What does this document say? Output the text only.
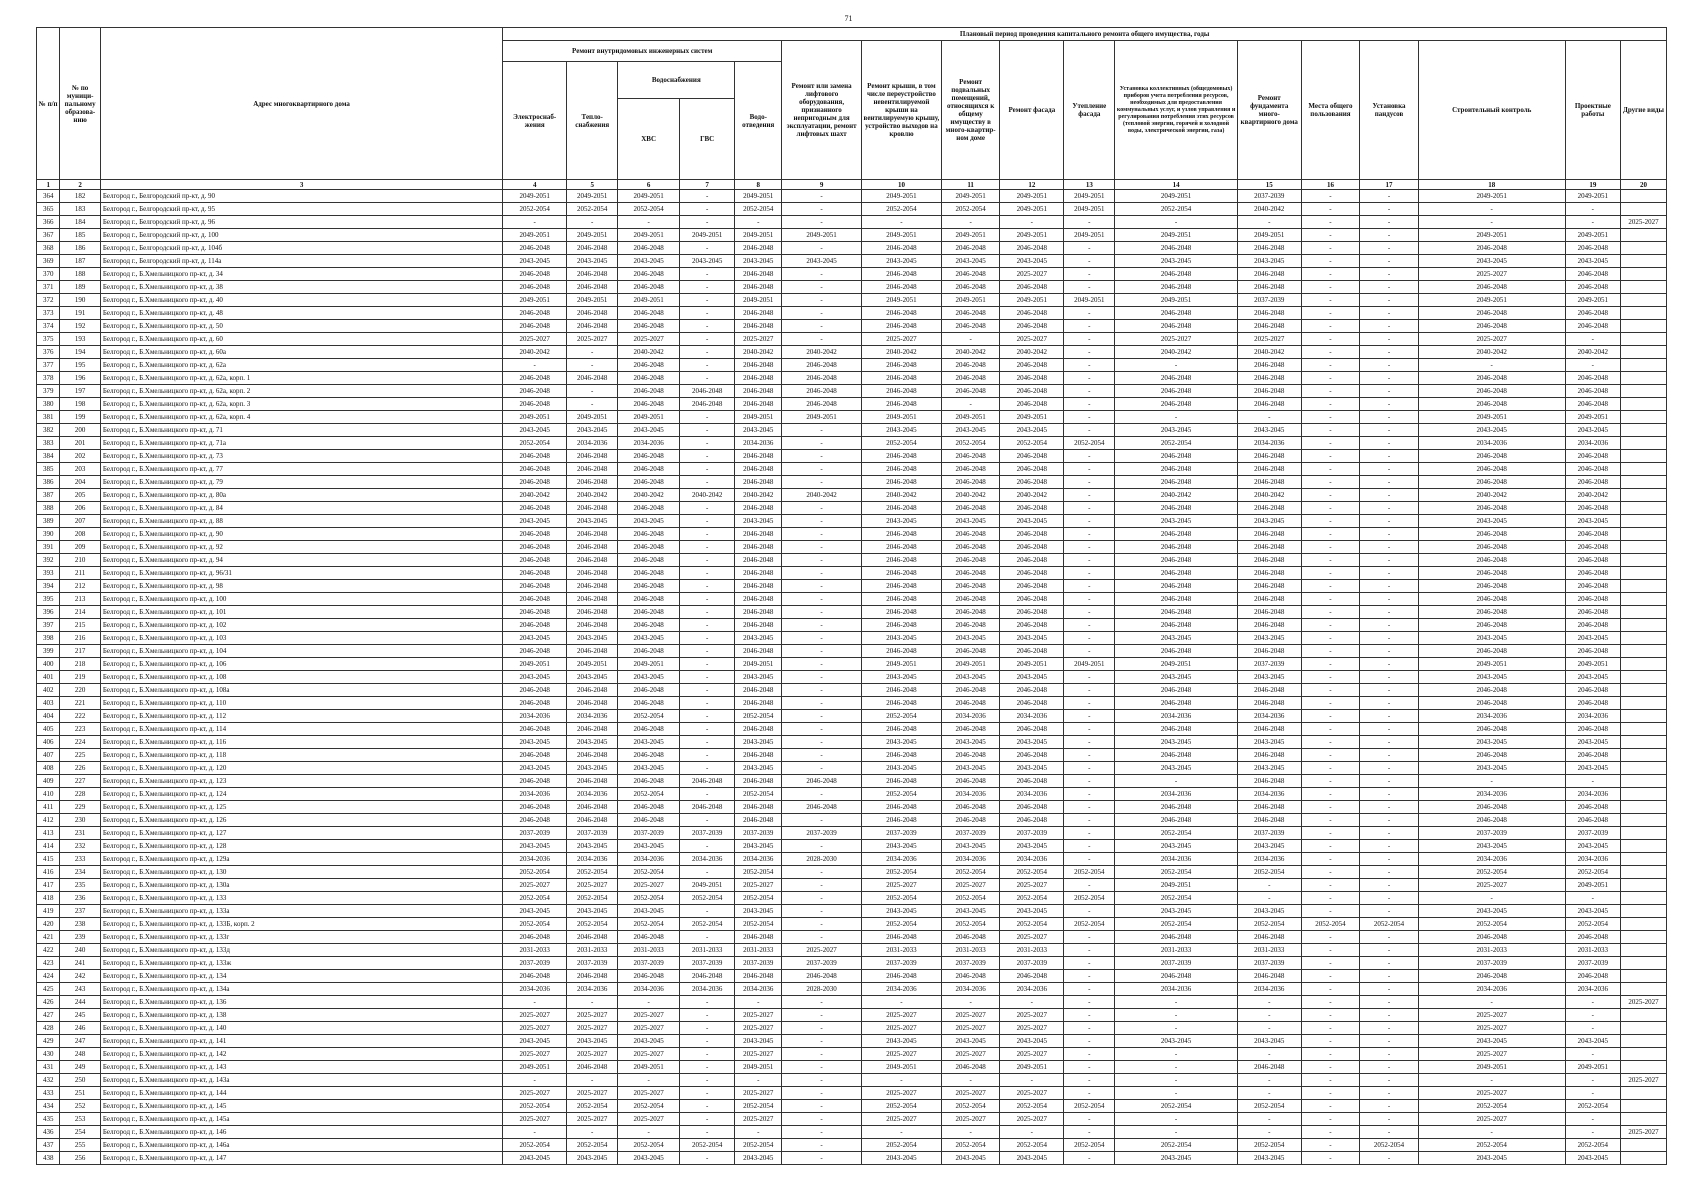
71
№ п/п	№ по муници-пальному образова-нию	Адрес многоквартирного дома	Плановый период проведения капитального ремонта общего имущества, годы																
			Ремонт внутридомовых инженерных систем					Ремонт или замена лифтового оборудования, признанного непригодным для эксплуатации, ремонт лифтовых шахт	Ремонт крыши, в том числе переустройство невентилируемой крыши на вентилируемую крышу, устройство выходов на кровлю	Ремонт подвальных помещений, относящихся к общему имуществу в много-квартир-ном доме	Ремонт фасада	Утепление фасада	Установка коллективных (общедомовых) приборов учета потребления ресурсов, необходимых для предоставления коммунальных услуг, и узлов управления и регулирования потребления этих ресурсов (тепловой энергии, горячей и холодной воды, электрической энергии, газа)	Ремонт фундамента много-квартирного дома	Места общего пользования	Установка пандусов	Строительный контроль	Проектные работы	Другие виды
			Электроснаб-жения	Тепло-снабжения	Водоснабжения		Водо-отведения												
					ХВС	ГВС													
1	2	3	4	5	6	7	8	9	10	11	12	13	14	15	16	17	18	19	20
364	182	Белгород г., Белгородский пр-кт, д. 90	2049-2051	2049-2051	2049-2051	-	2049-2051	-	2049-2051	2049-2051	2049-2051	2049-2051	2049-2051	2037-2039	-	-	2049-2051	2049-2051	
365	183	Белгород г., Белгородский пр-кт, д. 95	2052-2054	2052-2054	2052-2054	-	2052-2054	-	2052-2054	2052-2054	2049-2051	2049-2051	2052-2054	2040-2042	-	-	-	-	
366	184	Белгород г., Белгородский пр-кт, д. 96	-	-	-	-	-	-	-	-	-	-	-	-	-	-	-	-	2025-2027
367	185	Белгород г., Белгородский пр-кт, д. 100	2049-2051	2049-2051	2049-2051	2049-2051	2049-2051	2049-2051	2049-2051	2049-2051	2049-2051	2049-2051	2049-2051	2049-2051	-	-	2049-2051	2049-2051	
368	186	Белгород г., Белгородский пр-кт, д. 104б	2046-2048	2046-2048	2046-2048	-	2046-2048	-	2046-2048	2046-2048	2046-2048	-	2046-2048	2046-2048	-	-	2046-2048	2046-2048	
369	187	Белгород г., Белгородский пр-кт, д. 114а	2043-2045	2043-2045	2043-2045	2043-2045	2043-2045	2043-2045	2043-2045	2043-2045	2043-2045	-	2043-2045	2043-2045	-	-	2043-2045	2043-2045	
370	188	Белгород г., Б.Хмельницкого пр-кт, д. 34	2046-2048	2046-2048	2046-2048	-	2046-2048	-	2046-2048	2046-2048	2025-2027	-	2046-2048	2046-2048	-	-	2025-2027	2046-2048	
371	189	Белгород г., Б.Хмельницкого пр-кт, д. 38	2046-2048	2046-2048	2046-2048	-	2046-2048	-	2046-2048	2046-2048	2046-2048	-	2046-2048	2046-2048	-	-	2046-2048	2046-2048	
372	190	Белгород г., Б.Хмельницкого пр-кт, д. 40	2049-2051	2049-2051	2049-2051	-	2049-2051	-	2049-2051	2049-2051	2049-2051	2049-2051	2049-2051	2037-2039	-	-	2049-2051	2049-2051	
373	191	Белгород г., Б.Хмельницкого пр-кт, д. 48	2046-2048	2046-2048	2046-2048	-	2046-2048	-	2046-2048	2046-2048	2046-2048	-	2046-2048	2046-2048	-	-	2046-2048	2046-2048	
374	192	Белгород г., Б.Хмельницкого пр-кт, д. 50	2046-2048	2046-2048	2046-2048	-	2046-2048	-	2046-2048	2046-2048	2046-2048	-	2046-2048	2046-2048	-	-	2046-2048	2046-2048	
375	193	Белгород г., Б.Хмельницкого пр-кт, д. 60	2025-2027	2025-2027	2025-2027	-	2025-2027	-	2025-2027	-	2025-2027	-	2025-2027	2025-2027	-	-	2025-2027	-	
376	194	Белгород г., Б.Хмельницкого пр-кт, д. 60а	2040-2042	-	2040-2042	-	2040-2042	2040-2042	2040-2042	2040-2042	2040-2042	-	2040-2042	2040-2042	-	-	2040-2042	2040-2042	
377	195	Белгород г., Б.Хмельницкого пр-кт, д. 62а	-	-	2046-2048	-	2046-2048	2046-2048	2046-2048	2046-2048	2046-2048	-	-	2046-2048	-	-	-	-	
378	196	Белгород г., Б.Хмельницкого пр-кт, д. 62а, корп. 1	2046-2048	2046-2048	2046-2048	-	2046-2048	2046-2048	2046-2048	2046-2048	2046-2048	-	2046-2048	2046-2048	-	-	2046-2048	2046-2048	
379	197	Белгород г., Б.Хмельницкого пр-кт, д. 62а, корп. 2	2046-2048	-	2046-2048	2046-2048	2046-2048	2046-2048	2046-2048	2046-2048	2046-2048	-	2046-2048	2046-2048	-	-	2046-2048	2046-2048	
380	198	Белгород г., Б.Хмельницкого пр-кт, д. 62а, корп. 3	2046-2048	-	2046-2048	2046-2048	2046-2048	2046-2048	2046-2048	-	2046-2048	-	2046-2048	2046-2048	-	-	2046-2048	2046-2048	
381	199	Белгород г., Б.Хмельницкого пр-кт, д. 62а, корп. 4	2049-2051	2049-2051	2049-2051	-	2049-2051	2049-2051	2049-2051	2049-2051	2049-2051	-	-	-	-	-	2049-2051	2049-2051	
382	200	Белгород г., Б.Хмельницкого пр-кт, д. 71	2043-2045	2043-2045	2043-2045	-	2043-2045	-	2043-2045	2043-2045	2043-2045	-	2043-2045	2043-2045	-	-	2043-2045	2043-2045	
383	201	Белгород г., Б.Хмельницкого пр-кт, д. 71а	2052-2054	2034-2036	2034-2036	-	2034-2036	-	2052-2054	2052-2054	2052-2054	2052-2054	2052-2054	2034-2036	-	-	2034-2036	2034-2036	
384	202	Белгород г., Б.Хмельницкого пр-кт, д. 73	2046-2048	2046-2048	2046-2048	-	2046-2048	-	2046-2048	2046-2048	2046-2048	-	2046-2048	2046-2048	-	-	2046-2048	2046-2048	
385	203	Белгород г., Б.Хмельницкого пр-кт, д. 77	2046-2048	2046-2048	2046-2048	-	2046-2048	-	2046-2048	2046-2048	2046-2048	-	2046-2048	2046-2048	-	-	2046-2048	2046-2048	
386	204	Белгород г., Б.Хмельницкого пр-кт, д. 79	2046-2048	2046-2048	2046-2048	-	2046-2048	-	2046-2048	2046-2048	2046-2048	-	2046-2048	2046-2048	-	-	2046-2048	2046-2048	
387	205	Белгород г., Б.Хмельницкого пр-кт, д. 80а	2040-2042	2040-2042	2040-2042	2040-2042	2040-2042	2040-2042	2040-2042	2040-2042	2040-2042	-	2040-2042	2040-2042	-	-	2040-2042	2040-2042	
388	206	Белгород г., Б.Хмельницкого пр-кт, д. 84	2046-2048	2046-2048	2046-2048	-	2046-2048	-	2046-2048	2046-2048	2046-2048	-	2046-2048	2046-2048	-	-	2046-2048	2046-2048	
389	207	Белгород г., Б.Хмельницкого пр-кт, д. 88	2043-2045	2043-2045	2043-2045	-	2043-2045	-	2043-2045	2043-2045	2043-2045	-	2043-2045	2043-2045	-	-	2043-2045	2043-2045	
390	208	Белгород г., Б.Хмельницкого пр-кт, д. 90	2046-2048	2046-2048	2046-2048	-	2046-2048	-	2046-2048	2046-2048	2046-2048	-	2046-2048	2046-2048	-	-	2046-2048	2046-2048	
391	209	Белгород г., Б.Хмельницкого пр-кт, д. 92	2046-2048	2046-2048	2046-2048	-	2046-2048	-	2046-2048	2046-2048	2046-2048	-	2046-2048	2046-2048	-	-	2046-2048	2046-2048	
392	210	Белгород г., Б.Хмельницкого пр-кт, д. 94	2046-2048	2046-2048	2046-2048	-	2046-2048	-	2046-2048	2046-2048	2046-2048	-	2046-2048	2046-2048	-	-	2046-2048	2046-2048	
393	211	Белгород г., Б.Хмельницкого пр-кт, д. 96/31	2046-2048	2046-2048	2046-2048	-	2046-2048	-	2046-2048	2046-2048	2046-2048	-	2046-2048	2046-2048	-	-	2046-2048	2046-2048	
394	212	Белгород г., Б.Хмельницкого пр-кт, д. 98	2046-2048	2046-2048	2046-2048	-	2046-2048	-	2046-2048	2046-2048	2046-2048	-	2046-2048	2046-2048	-	-	2046-2048	2046-2048	
395	213	Белгород г., Б.Хмельницкого пр-кт, д. 100	2046-2048	2046-2048	2046-2048	-	2046-2048	-	2046-2048	2046-2048	2046-2048	-	2046-2048	2046-2048	-	-	2046-2048	2046-2048	
396	214	Белгород г., Б.Хмельницкого пр-кт, д. 101	2046-2048	2046-2048	2046-2048	-	2046-2048	-	2046-2048	2046-2048	2046-2048	-	2046-2048	2046-2048	-	-	2046-2048	2046-2048	
397	215	Белгород г., Б.Хмельницкого пр-кт, д. 102	2046-2048	2046-2048	2046-2048	-	2046-2048	-	2046-2048	2046-2048	2046-2048	-	2046-2048	2046-2048	-	-	2046-2048	2046-2048	
398	216	Белгород г., Б.Хмельницкого пр-кт, д. 103	2043-2045	2043-2045	2043-2045	-	2043-2045	-	2043-2045	2043-2045	2043-2045	-	2043-2045	2043-2045	-	-	2043-2045	2043-2045	
399	217	Белгород г., Б.Хмельницкого пр-кт, д. 104	2046-2048	2046-2048	2046-2048	-	2046-2048	-	2046-2048	2046-2048	2046-2048	-	2046-2048	2046-2048	-	-	2046-2048	2046-2048	
400	218	Белгород г., Б.Хмельницкого пр-кт, д. 106	2049-2051	2049-2051	2049-2051	-	2049-2051	-	2049-2051	2049-2051	2049-2051	2049-2051	2049-2051	2037-2039	-	-	2049-2051	2049-2051	
401	219	Белгород г., Б.Хмельницкого пр-кт, д. 108	2043-2045	2043-2045	2043-2045	-	2043-2045	-	2043-2045	2043-2045	2043-2045	-	2043-2045	2043-2045	-	-	2043-2045	2043-2045	
402	220	Белгород г., Б.Хмельницкого пр-кт, д. 108а	2046-2048	2046-2048	2046-2048	-	2046-2048	-	2046-2048	2046-2048	2046-2048	-	2046-2048	2046-2048	-	-	2046-2048	2046-2048	
403	221	Белгород г., Б.Хмельницкого пр-кт, д. 110	2046-2048	2046-2048	2046-2048	-	2046-2048	-	2046-2048	2046-2048	2046-2048	-	2046-2048	2046-2048	-	-	2046-2048	2046-2048	
404	222	Белгород г., Б.Хмельницкого пр-кт, д. 112	2034-2036	2034-2036	2052-2054	-	2052-2054	-	2052-2054	2034-2036	2034-2036	-	2034-2036	2034-2036	-	-	2034-2036	2034-2036	
405	223	Белгород г., Б.Хмельницкого пр-кт, д. 114	2046-2048	2046-2048	2046-2048	-	2046-2048	-	2046-2048	2046-2048	2046-2048	-	2046-2048	2046-2048	-	-	2046-2048	2046-2048	
406	224	Белгород г., Б.Хмельницкого пр-кт, д. 116	2043-2045	2043-2045	2043-2045	-	2043-2045	-	2043-2045	2043-2045	2043-2045	-	2043-2045	2043-2045	-	-	2043-2045	2043-2045	
407	225	Белгород г., Б.Хмельницкого пр-кт, д. 118	2046-2048	2046-2048	2046-2048	-	2046-2048	-	2046-2048	2046-2048	2046-2048	-	2046-2048	2046-2048	-	-	2046-2048	2046-2048	
408	226	Белгород г., Б.Хмельницкого пр-кт, д. 120	2043-2045	2043-2045	2043-2045	-	2043-2045	-	2043-2045	2043-2045	2043-2045	-	2043-2045	2043-2045	-	-	2043-2045	2043-2045	
409	227	Белгород г., Б.Хмельницкого пр-кт, д. 123	2046-2048	2046-2048	2046-2048	2046-2048	2046-2048	2046-2048	2046-2048	2046-2048	2046-2048	-	-	2046-2048	-	-	-	-	
410	228	Белгород г., Б.Хмельницкого пр-кт, д. 124	2034-2036	2034-2036	2052-2054	-	2052-2054	-	2052-2054	2034-2036	2034-2036	-	2034-2036	2034-2036	-	-	2034-2036	2034-2036	
411	229	Белгород г., Б.Хмельницкого пр-кт, д. 125	2046-2048	2046-2048	2046-2048	2046-2048	2046-2048	2046-2048	2046-2048	2046-2048	2046-2048	-	2046-2048	2046-2048	-	-	2046-2048	2046-2048	
412	230	Белгород г., Б.Хмельницкого пр-кт, д. 126	2046-2048	2046-2048	2046-2048	-	2046-2048	-	2046-2048	2046-2048	2046-2048	-	2046-2048	2046-2048	-	-	2046-2048	2046-2048	
413	231	Белгород г., Б.Хмельницкого пр-кт, д. 127	2037-2039	2037-2039	2037-2039	2037-2039	2037-2039	2037-2039	2037-2039	2037-2039	2037-2039	-	2052-2054	2037-2039	-	-	2037-2039	2037-2039	
414	232	Белгород г., Б.Хмельницкого пр-кт, д. 128	2043-2045	2043-2045	2043-2045	-	2043-2045	-	2043-2045	2043-2045	2043-2045	-	2043-2045	2043-2045	-	-	2043-2045	2043-2045	
415	233	Белгород г., Б.Хмельницкого пр-кт, д. 129а	2034-2036	2034-2036	2034-2036	2034-2036	2034-2036	2028-2030	2034-2036	2034-2036	2034-2036	-	2034-2036	2034-2036	-	-	2034-2036	2034-2036	
416	234	Белгород г., Б.Хмельницкого пр-кт, д. 130	2052-2054	2052-2054	2052-2054	-	2052-2054	-	2052-2054	2052-2054	2052-2054	2052-2054	2052-2054	2052-2054	-	-	2052-2054	2052-2054	
417	235	Белгород г., Б.Хмельницкого пр-кт, д. 130а	2025-2027	2025-2027	2025-2027	2049-2051	2025-2027	-	2025-2027	2025-2027	2025-2027	-	2049-2051	-	-	-	2025-2027	2049-2051	
418	236	Белгород г., Б.Хмельницкого пр-кт, д. 133	2052-2054	2052-2054	2052-2054	2052-2054	2052-2054	-	2052-2054	2052-2054	2052-2054	2052-2054	2052-2054	-	-	-	-	-	
419	237	Белгород г., Б.Хмельницкого пр-кт, д. 133а	2043-2045	2043-2045	2043-2045	-	2043-2045	-	2043-2045	2043-2045	2043-2045	-	2043-2045	2043-2045	-	-	2043-2045	2043-2045	
420	238	Белгород г., Б.Хмельницкого пр-кт, д. 133Б, корп. 2	2052-2054	2052-2054	2052-2054	2052-2054	2052-2054	-	2052-2054	2052-2054	2052-2054	2052-2054	2052-2054	2052-2054	2052-2054	2052-2054	2052-2054	2052-2054	
421	239	Белгород г., Б.Хмельницкого пр-кт, д. 133г	2046-2048	2046-2048	2046-2048	-	2046-2048	-	2046-2048	2046-2048	2025-2027	-	2046-2048	2046-2048	-	-	2046-2048	2046-2048	
422	240	Белгород г., Б.Хмельницкого пр-кт, д. 133д	2031-2033	2031-2033	2031-2033	2031-2033	2031-2033	2025-2027	2031-2033	2031-2033	2031-2033	-	2031-2033	2031-2033	-	-	2031-2033	2031-2033	
423	241	Белгород г., Б.Хмельницкого пр-кт, д. 133ж	2037-2039	2037-2039	2037-2039	2037-2039	2037-2039	2037-2039	2037-2039	2037-2039	2037-2039	-	2037-2039	2037-2039	-	-	2037-2039	2037-2039	
424	242	Белгород г., Б.Хмельницкого пр-кт, д. 134	2046-2048	2046-2048	2046-2048	2046-2048	2046-2048	2046-2048	2046-2048	2046-2048	2046-2048	-	2046-2048	2046-2048	-	-	2046-2048	2046-2048	
425	243	Белгород г., Б.Хмельницкого пр-кт, д. 134а	2034-2036	2034-2036	2034-2036	2034-2036	2034-2036	2028-2030	2034-2036	2034-2036	2034-2036	-	2034-2036	2034-2036	-	-	2034-2036	2034-2036	
426	244	Белгород г., Б.Хмельницкого пр-кт, д. 136	-	-	-	-	-	-	-	-	-	-	-	-	-	-	-	-	2025-2027
427	245	Белгород г., Б.Хмельницкого пр-кт, д. 138	2025-2027	2025-2027	2025-2027	-	2025-2027	-	2025-2027	2025-2027	2025-2027	-	-	-	-	-	2025-2027	-	
428	246	Белгород г., Б.Хмельницкого пр-кт, д. 140	2025-2027	2025-2027	2025-2027	-	2025-2027	-	2025-2027	2025-2027	2025-2027	-	-	-	-	-	2025-2027	-	
429	247	Белгород г., Б.Хмельницкого пр-кт, д. 141	2043-2045	2043-2045	2043-2045	-	2043-2045	-	2043-2045	2043-2045	2043-2045	-	2043-2045	2043-2045	-	-	2043-2045	2043-2045	
430	248	Белгород г., Б.Хмельницкого пр-кт, д. 142	2025-2027	2025-2027	2025-2027	-	2025-2027	-	2025-2027	2025-2027	2025-2027	-	-	-	-	-	2025-2027	-	
431	249	Белгород г., Б.Хмельницкого пр-кт, д. 143	2049-2051	2046-2048	2049-2051	-	2049-2051	-	2049-2051	2046-2048	2049-2051	-	-	2046-2048	-	-	2049-2051	2049-2051	
432	250	Белгород г., Б.Хмельницкого пр-кт, д. 143а	-	-	-	-	-	-	-	-	-	-	-	-	-	-	-	-	2025-2027
433	251	Белгород г., Б.Хмельницкого пр-кт, д. 144	2025-2027	2025-2027	2025-2027	-	2025-2027	-	2025-2027	2025-2027	2025-2027	-	-	-	-	-	2025-2027	-	
434	252	Белгород г., Б.Хмельницкого пр-кт, д. 145	2052-2054	2052-2054	2052-2054	-	2052-2054	-	2052-2054	2052-2054	2052-2054	2052-2054	2052-2054	2052-2054	-	-	2052-2054	2052-2054	
435	253	Белгород г., Б.Хмельницкого пр-кт, д. 145а	2025-2027	2025-2027	2025-2027	-	2025-2027	-	2025-2027	2025-2027	2025-2027	-	-	-	-	-	2025-2027	-	
436	254	Белгород г., Б.Хмельницкого пр-кт, д. 146	-	-	-	-	-	-	-	-	-	-	-	-	-	-	-	-	2025-2027
437	255	Белгород г., Б.Хмельницкого пр-кт, д. 146а	2052-2054	2052-2054	2052-2054	2052-2054	2052-2054	-	2052-2054	2052-2054	2052-2054	2052-2054	2052-2054	2052-2054	-	2052-2054	2052-2054	2052-2054	
438	256	Белгород г., Б.Хмельницкого пр-кт, д. 147	2043-2045	2043-2045	2043-2045	-	2043-2045	-	2043-2045	2043-2045	2043-2045	-	2043-2045	2043-2045	-	-	2043-2045	2043-2045	
